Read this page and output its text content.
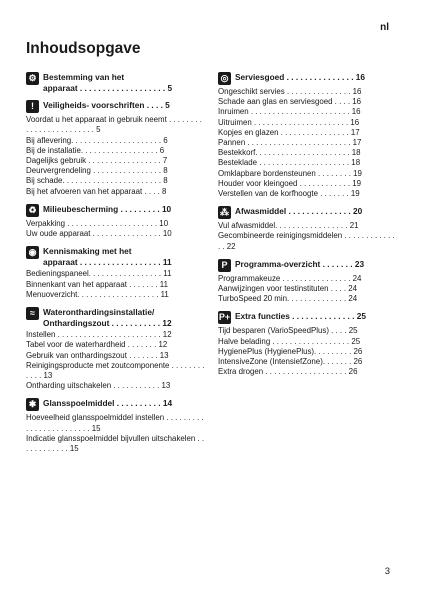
nl
Inhoudsopgave
⚙ Bestemming van het
apparaat . . . . . . . . . . . . . . . . . . . 5
!	Veiligheids- voorschriften . . . . 5
Voordat u het apparaat in gebruik neemt . . . . . . . . . . . . . . . . . . . . . . . . 5
Bij aflevering. . . . . . . . . . . . . . . . . . . . . 6
Bij de installatie. . . . . . . . . . . . . . . . . . 6
Dagelijks gebruik . . . . . . . . . . . . . . . . . 7
Deurvergrendeling . . . . . . . . . . . . . . . . 8
Bij schade. . . . . . . . . . . . . . . . . . . . . . . 8
Bij het afvoeren van het apparaat . . . . 8
♻ Milieubescherming . . . . . . . . . 10
Verpakking . . . . . . . . . . . . . . . . . . . . . 10
Uw oude apparaat . . . . . . . . . . . . . . . . 10
◉ Kennismaking met het
apparaat . . . . . . . . . . . . . . . . . . 11
Bedieningspaneel. . . . . . . . . . . . . . . . . 11
Binnenkant van het apparaat . . . . . . . 11
Menuoverzicht. . . . . . . . . . . . . . . . . . . 11
≈ Wateronthardingsinstallatie/
Onthardingszout . . . . . . . . . . . 12
Instellen . . . . . . . . . . . . . . . . . . . . . . . . 12
Tabel voor de waterhardheid . . . . . . . 12
Gebruik van onthardingszout . . . . . . . 13
Reinigingsproducte met zoutcomponente . . . . . . . . . . . . 13
Ontharding uitschakelen . . . . . . . . . . . 13
✱ Glansspoelmiddel . . . . . . . . . . 14
Hoeveelheid glansspoelmiddel instellen . . . . . . . . . . . . . . . . . . . . . . . . 15
Indicatie glansspoelmiddel bijvullen uitschakelen . . . . . . . . . . . . 15
◎ Serviesgoed . . . . . . . . . . . . . . . 16
Ongeschikt servies . . . . . . . . . . . . . . . 16
Schade aan glas en serviesgoed . . . . 16
Inruimen . . . . . . . . . . . . . . . . . . . . . . . 16
Uitruimen . . . . . . . . . . . . . . . . . . . . . . 16
Kopjes en glazen . . . . . . . . . . . . . . . . 17
Pannen . . . . . . . . . . . . . . . . . . . . . . . . 17
Bestekkorf. . . . . . . . . . . . . . . . . . . . . . 18
Besteklade . . . . . . . . . . . . . . . . . . . . . 18
Omklapbare bordensteunen . . . . . . . . 19
Houder voor kleingoed . . . . . . . . . . . . 19
Verstellen van de korfhoogte . . . . . . . 19
⁂ Afwasmiddel . . . . . . . . . . . . . . 20
Vul afwasmiddel. . . . . . . . . . . . . . . . . 21
Gecombineerde reinigingsmiddelen . . . . . . . . . . . . . . 22
P Programma-overzicht . . . . . . . 23
Programmakeuze . . . . . . . . . . . . . . . . 24
Aanwijzingen voor testinstituten . . . . 24
TurboSpeed 20 min. . . . . . . . . . . . . . 24
P+ Extra functies . . . . . . . . . . . . . . 25
Tijd besparen (VarioSpeedPlus) . . . . 25
Halve belading . . . . . . . . . . . . . . . . . . 25
HygienePlus (HygienePlus). . . . . . . . . 26
IntensiveZone (IntensiefZone). . . . . . . 26
Extra drogen . . . . . . . . . . . . . . . . . . . 26
3
